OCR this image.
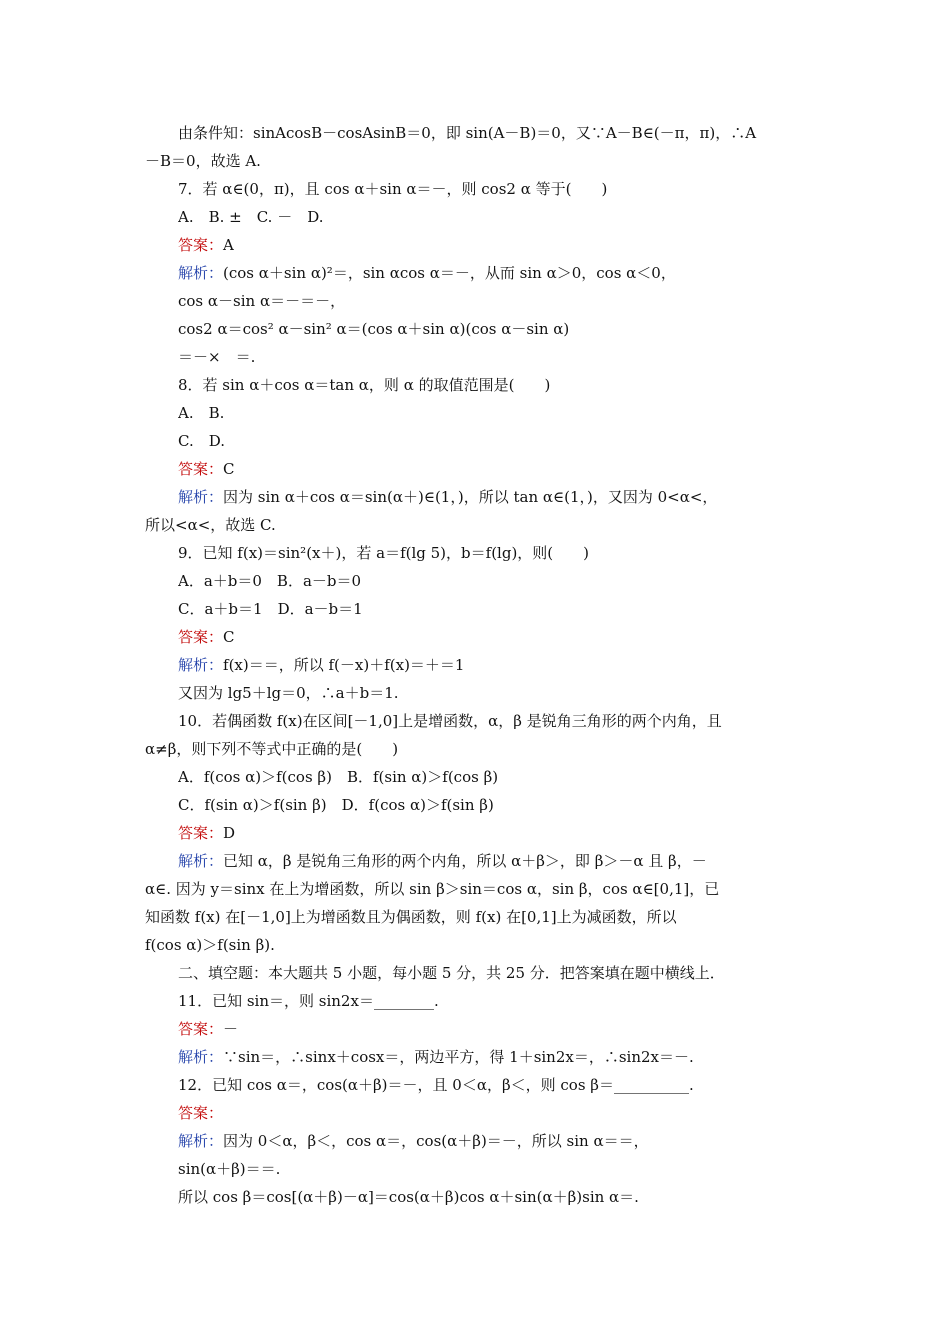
由条件知：sinAcosB－cosAsinB＝0，即 sin(A－B)＝0，又∵A－B∈(－π，π)，∴A
－B＝0，故选 A.
7．若 α∈(0，π)，且 cos α＋sin α＝－，则 cos2 α 等于(　　)
A.　B. ±　C. －　D.
答案：A
解析：(cos α＋sin α)²＝，sin αcos α＝－，从而 sin α＞0，cos α＜0，
cos α－sin α＝－＝－，
cos2 α＝cos² α－sin² α＝(cos α＋sin α)(cos α－sin α)
＝－×　＝.
8．若 sin α＋cos α＝tan α，则 α 的取值范围是(　　)
A.　B.
C.　D.
答案：C
解析：因为 sin α＋cos α＝sin(α＋)∈(1，)，所以 tan α∈(1，)，又因为 0<α<，
所以<α<，故选 C.
9．已知 f(x)＝sin²(x＋)，若 a＝f(lg 5)，b＝f(lg)，则(　　)
A．a＋b＝0　B．a－b＝0
C．a＋b＝1　D．a－b＝1
答案：C
解析：f(x)＝＝，所以 f(－x)＋f(x)＝＋＝1
又因为 lg5＋lg＝0，∴a＋b＝1.
10．若偶函数 f(x)在区间[－1,0]上是增函数，α，β 是锐角三角形的两个内角，且
α≠β，则下列不等式中正确的是(　　)
A．f(cos α)＞f(cos β)　B．f(sin α)＞f(cos β)
C．f(sin α)＞f(sin β)　D．f(cos α)＞f(sin β)
答案：D
解析：已知 α，β 是锐角三角形的两个内角，所以 α＋β＞，即 β＞－α 且 β，－
α∈. 因为 y＝sinx 在上为增函数，所以 sin β＞sin＝cos α，sin β，cos α∈[0,1]，已
知函数 f(x) 在[－1,0]上为增函数且为偶函数，则 f(x) 在[0,1]上为减函数，所以
f(cos α)＞f(sin β).
二、填空题：本大题共 5 小题，每小题 5 分，共 25 分．把答案填在题中横线上．
11．已知 sin＝，则 sin2x＝________.
答案：－
解析：∵sin＝，∴sinx＋cosx＝，两边平方，得 1＋sin2x＝，∴sin2x＝－.
12．已知 cos α＝，cos(α＋β)＝－，且 0＜α，β＜，则 cos β＝__________.
答案：
解析：因为 0＜α，β＜，cos α＝，cos(α＋β)＝－，所以 sin α＝＝，
sin(α＋β)＝＝.
所以 cos β＝cos[(α＋β)－α]＝cos(α＋β)cos α＋sin(α＋β)sin α＝.
